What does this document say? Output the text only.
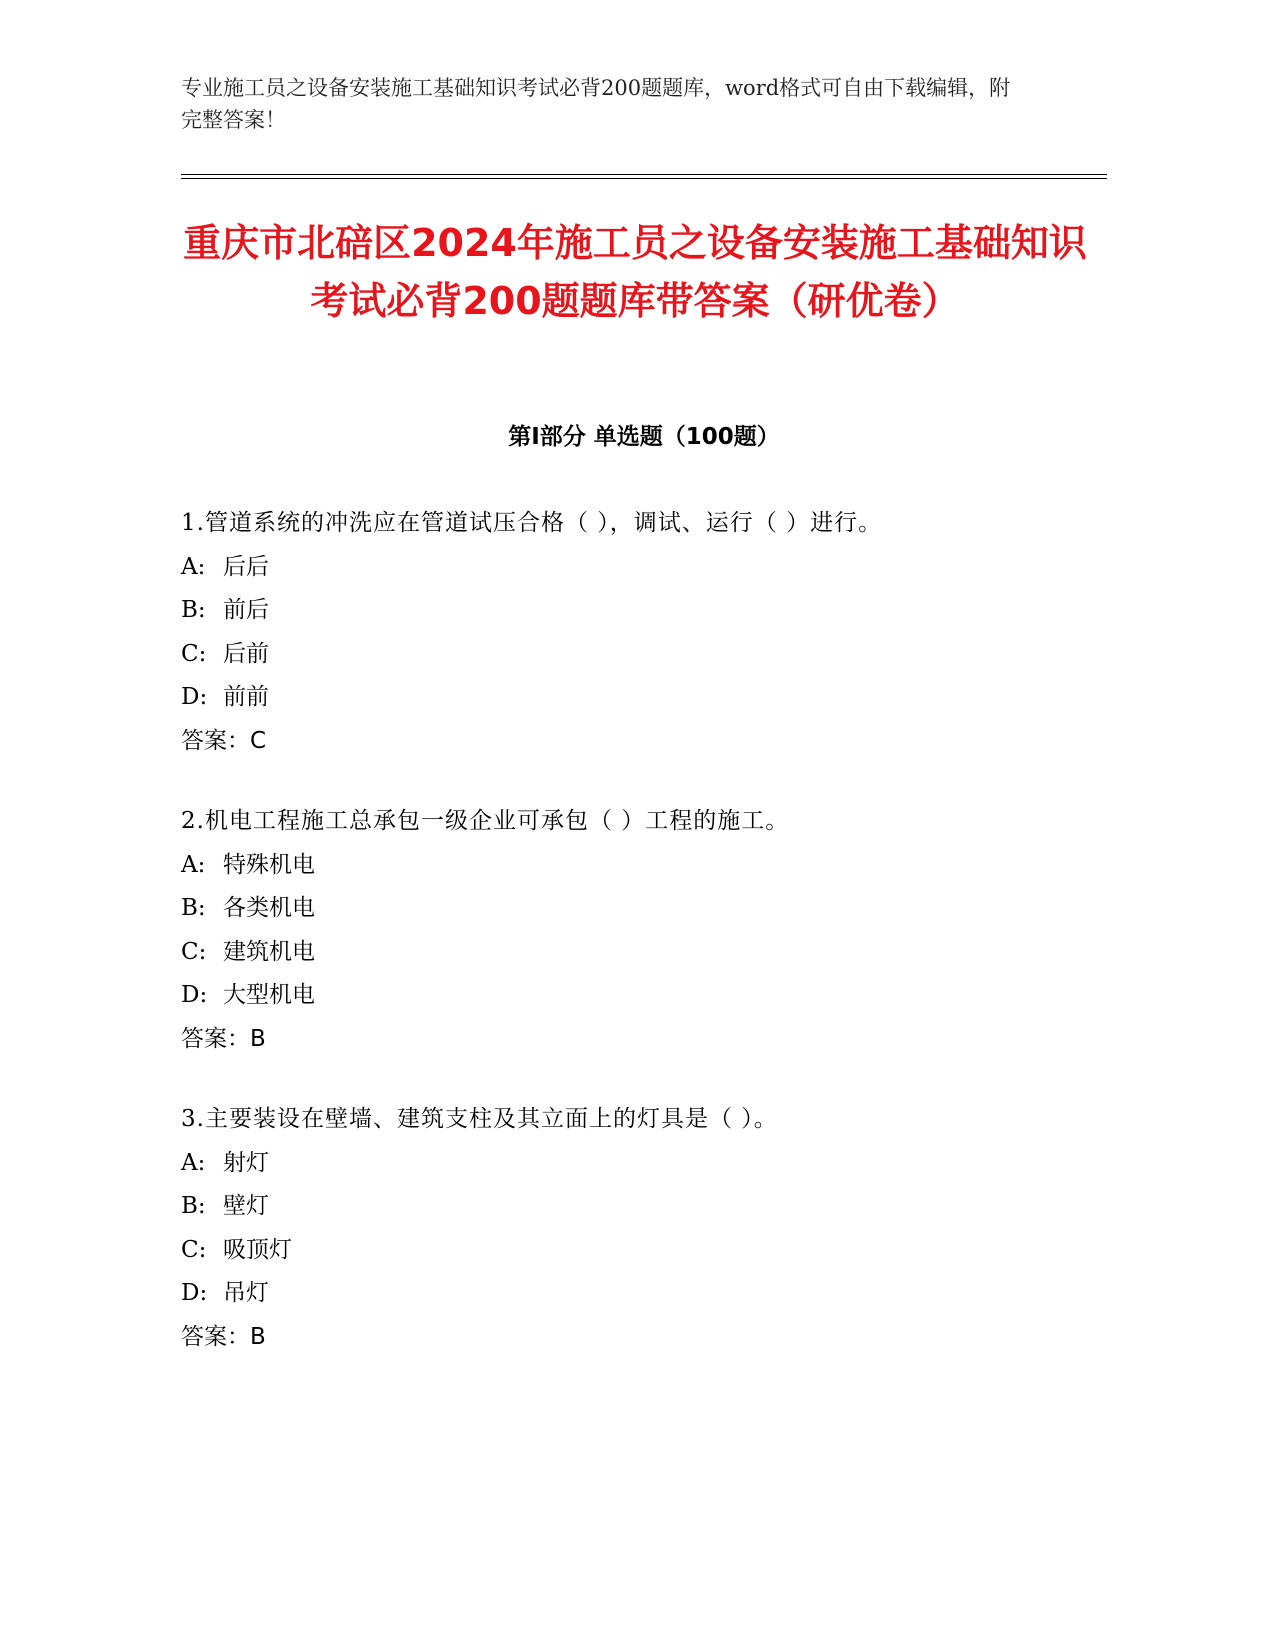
专业施工员之设备安装施工基础知识考试必背200题题库，word格式可自由下载编辑，附完整答案！

重庆市北碚区2024年施工员之设备安装施工基础知识考试必背200题题库带答案（研优卷）
第Ⅰ部分 单选题（100题）
1.管道系统的冲洗应在管道试压合格（ ），调试、运行（ ）进行。
A: 后后
B: 前后
C: 后前
D: 前前
答案：C
2.机电工程施工总承包一级企业可承包（ ）工程的施工。
A: 特殊机电
B: 各类机电
C: 建筑机电
D: 大型机电
答案：B
3.主要装设在壁墙、建筑支柱及其立面上的灯具是（ ）。
A: 射灯
B: 壁灯
C: 吸顶灯
D: 吊灯
答案：B
